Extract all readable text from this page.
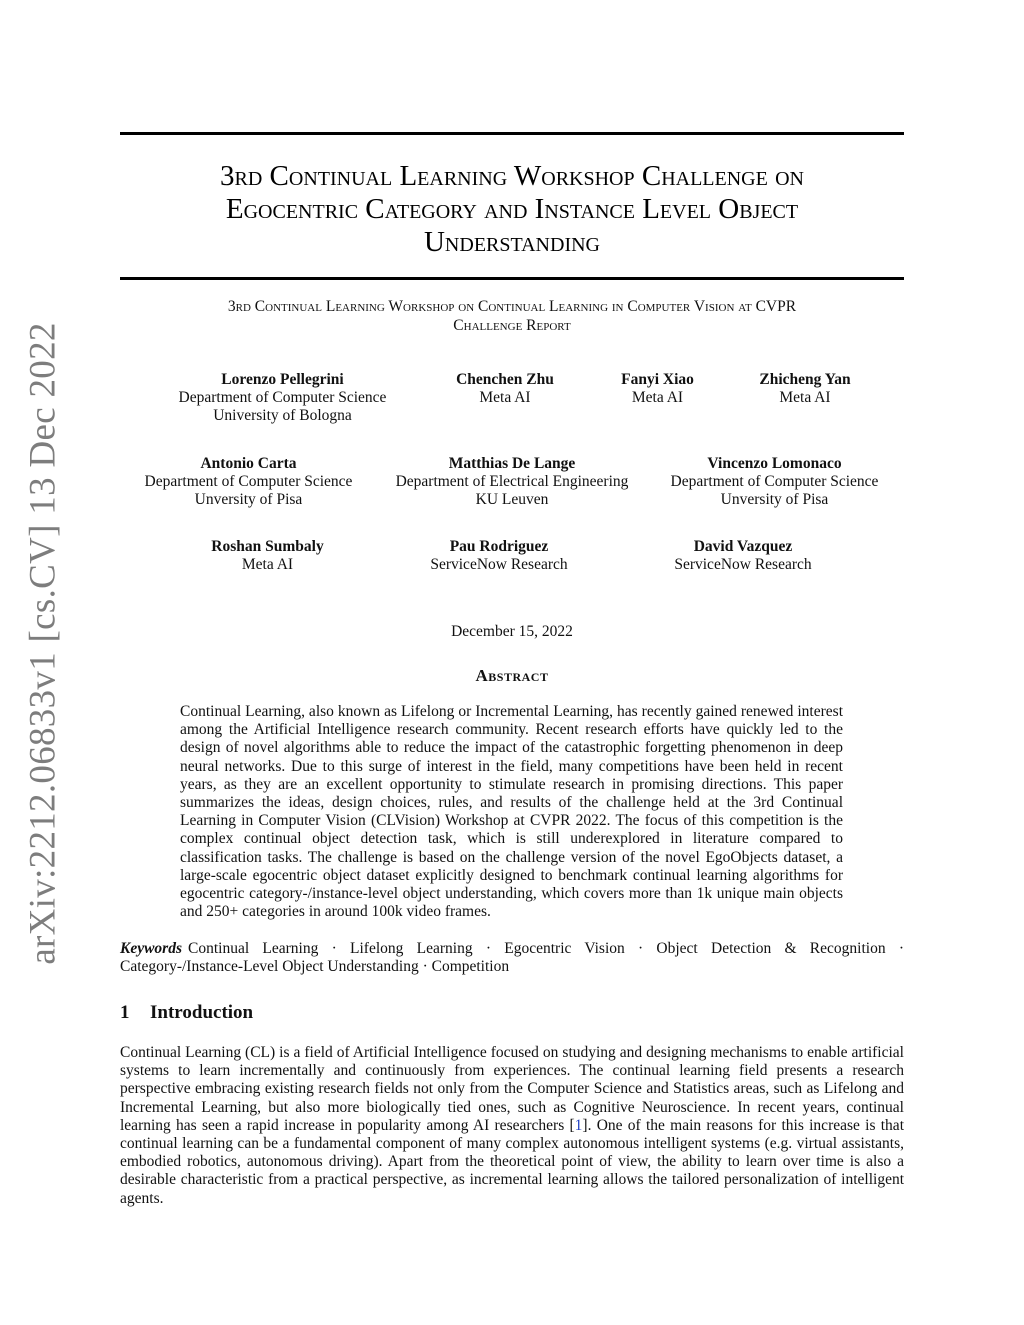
arXiv:2212.06833v1 [cs.CV] 13 Dec 2022
3rd Continual Learning Workshop Challenge on
Egocentric Category and Instance Level Object
Understanding
3rd Continual Learning Workshop on Continual Learning in Computer Vision at CVPR
Challenge Report
Lorenzo Pellegrini
Department of Computer Science
University of Bologna
Chenchen Zhu
Meta AI
Fanyi Xiao
Meta AI
Zhicheng Yan
Meta AI
Antonio Carta
Department of Computer Science
Unversity of Pisa
Matthias De Lange
Department of Electrical Engineering
KU Leuven
Vincenzo Lomonaco
Department of Computer Science
Unversity of Pisa
Roshan Sumbaly
Meta AI
Pau Rodriguez
ServiceNow Research
David Vazquez
ServiceNow Research
December 15, 2022
Abstract
Continual Learning, also known as Lifelong or Incremental Learning, has recently gained renewed interest among the Artificial Intelligence research community. Recent research efforts have quickly led to the design of novel algorithms able to reduce the impact of the catastrophic forgetting phenomenon in deep neural networks. Due to this surge of interest in the field, many competitions have been held in recent years, as they are an excellent opportunity to stimulate research in promising directions. This paper summarizes the ideas, design choices, rules, and results of the challenge held at the 3rd Continual Learning in Computer Vision (CLVision) Workshop at CVPR 2022. The focus of this competition is the complex continual object detection task, which is still underexplored in literature compared to classification tasks. The challenge is based on the challenge version of the novel EgoObjects dataset, a large-scale egocentric object dataset explicitly designed to benchmark continual learning algorithms for egocentric category-/instance-level object understanding, which covers more than 1k unique main objects and 250+ categories in around 100k video frames.
Keywords Continual Learning · Lifelong Learning · Egocentric Vision · Object Detection & Recognition · Category-/Instance-Level Object Understanding · Competition
1 Introduction
Continual Learning (CL) is a field of Artificial Intelligence focused on studying and designing mechanisms to enable artificial systems to learn incrementally and continuously from experiences. The continual learning field presents a research perspective embracing existing research fields not only from the Computer Science and Statistics areas, such as Lifelong and Incremental Learning, but also more biologically tied ones, such as Cognitive Neuroscience. In recent years, continual learning has seen a rapid increase in popularity among AI researchers [1]. One of the main reasons for this increase is that continual learning can be a fundamental component of many complex autonomous intelligent systems (e.g. virtual assistants, embodied robotics, autonomous driving). Apart from the theoretical point of view, the ability to learn over time is also a desirable characteristic from a practical perspective, as incremental learning allows the tailored personalization of intelligent agents.
